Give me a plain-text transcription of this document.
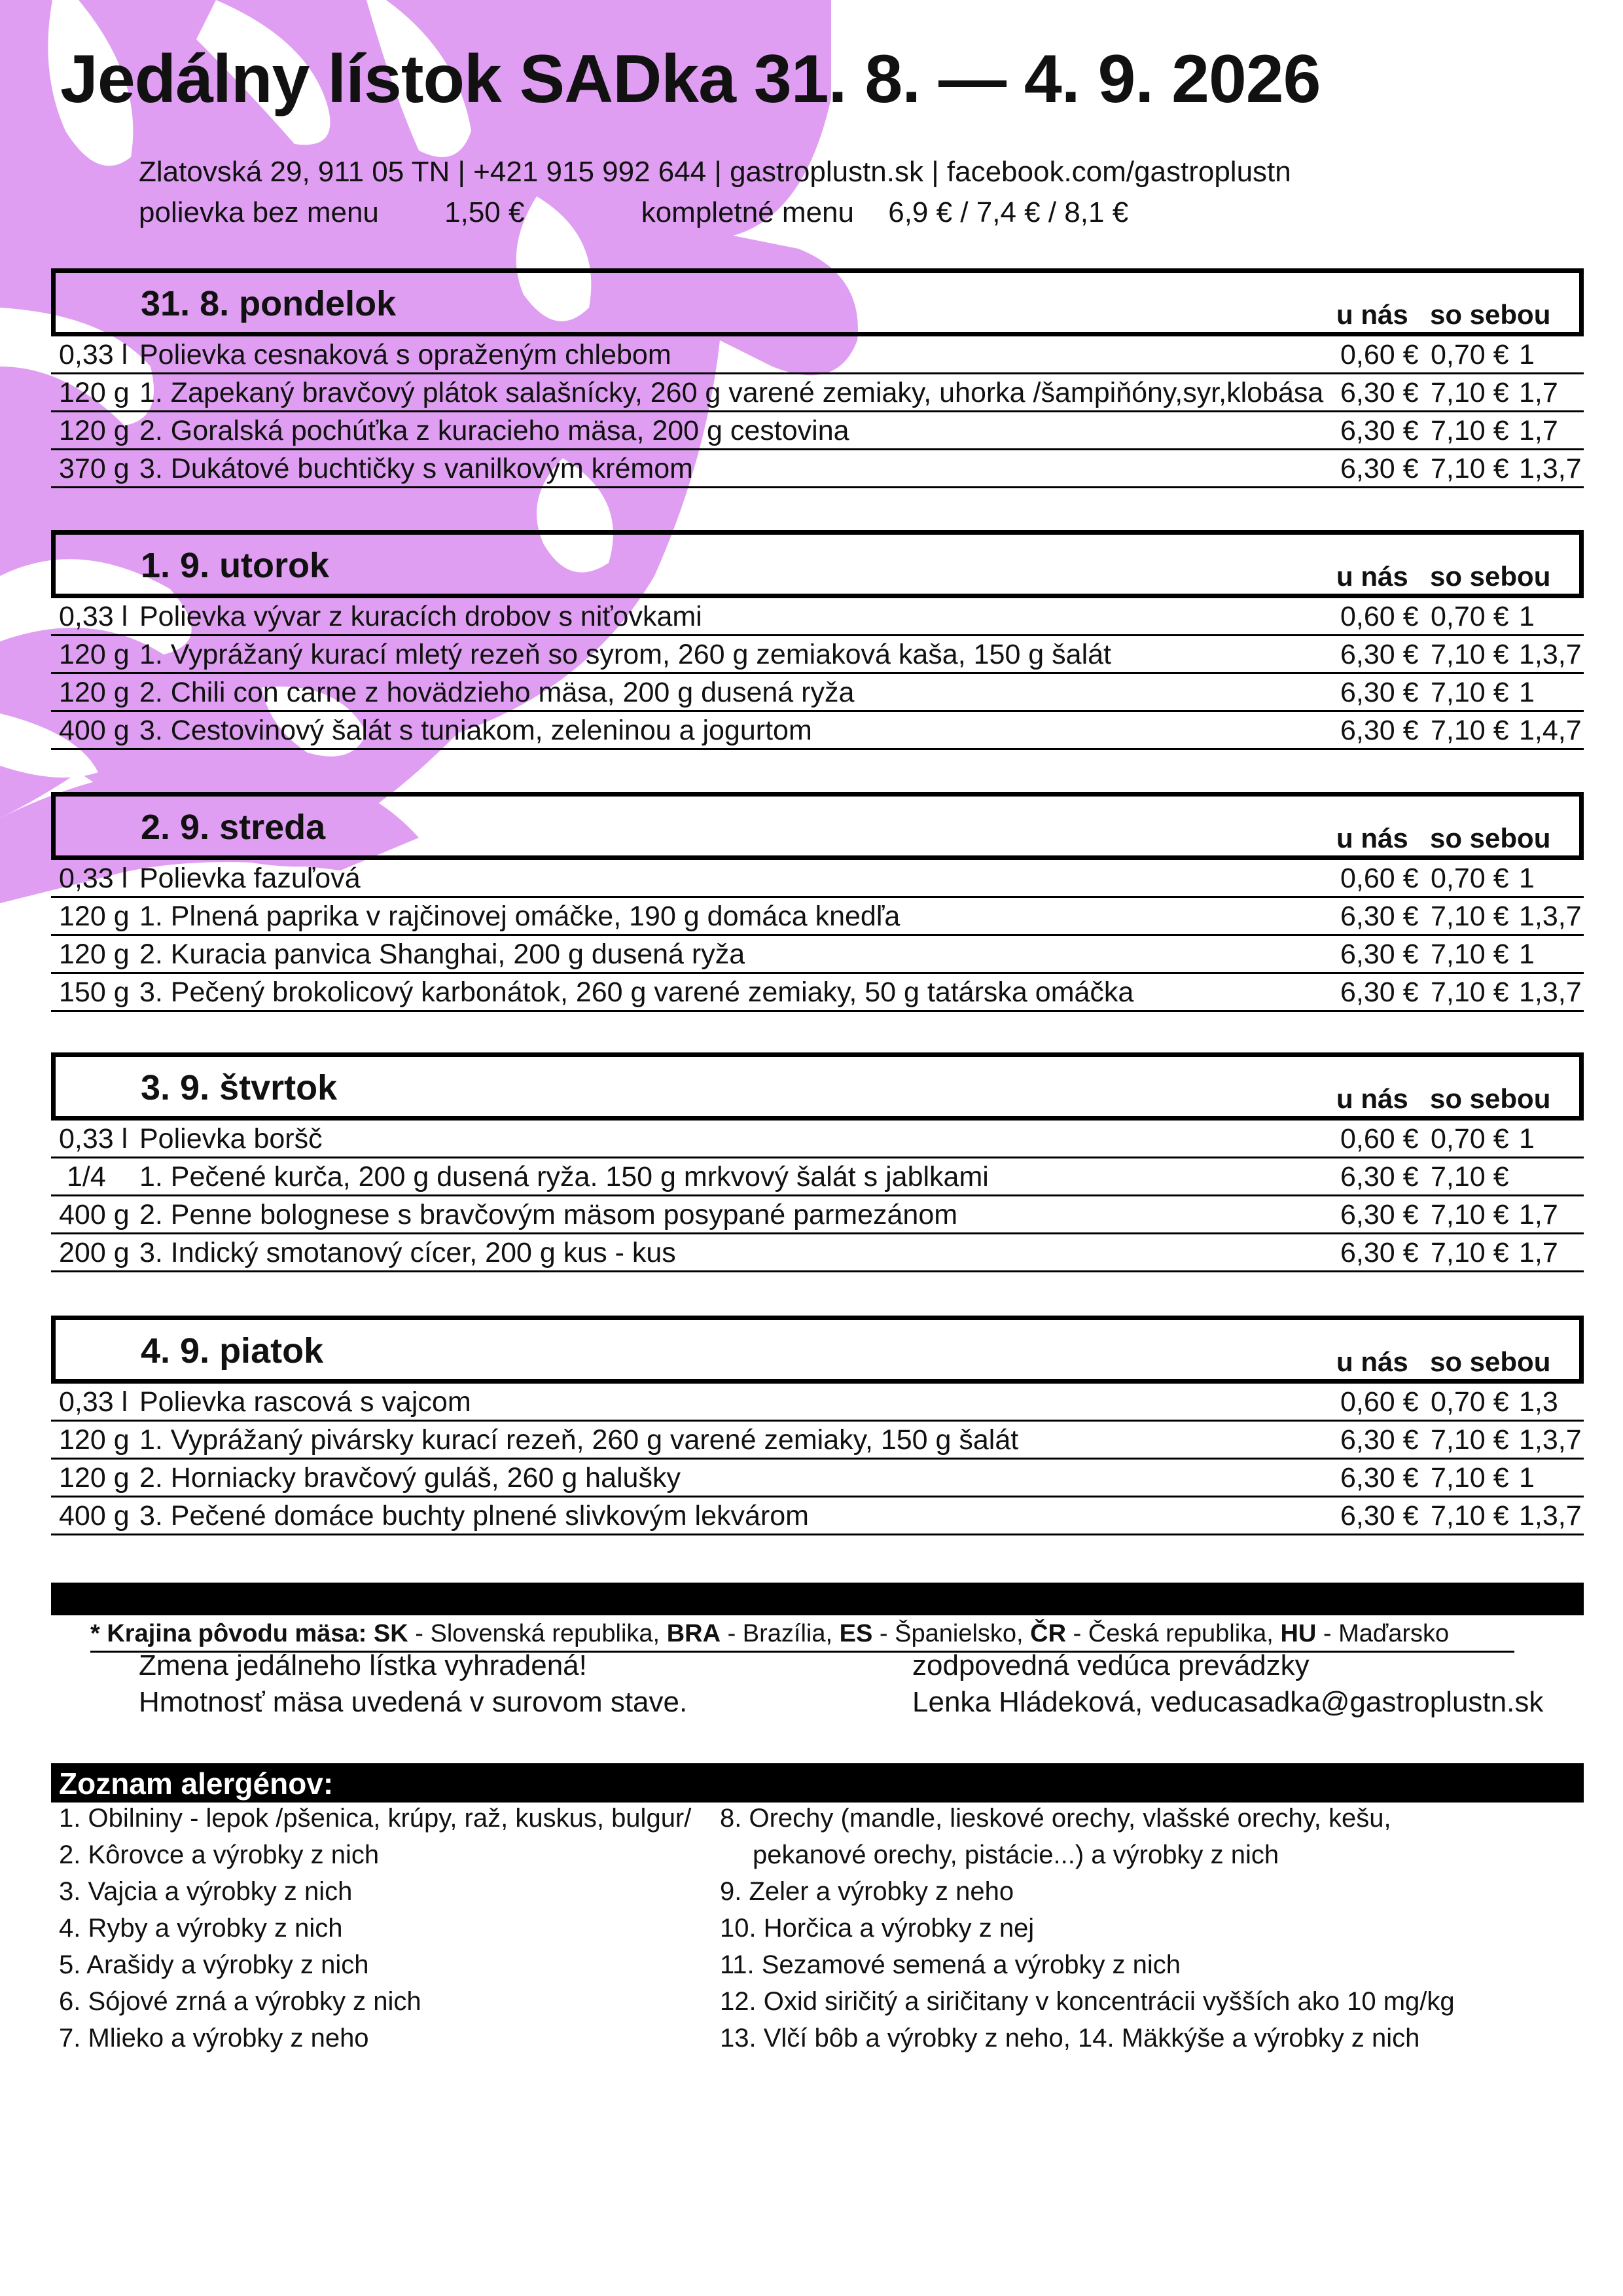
Jedálny lístok SADka 31. 8. — 4. 9. 2026
Zlatovská 29, 911 05 TN | +421 915 992 644 | gastroplustn.sk | facebook.com/gastroplustn
polievka bez menu 1,50 €	kompletné menu 6,9 € / 7,4 € / 8,1 €
31. 8. pondelok	u nás so sebou
0,33 l Polievka cesnaková s opraženým chlebom	0,60 € 0,70 € 1
120 g 1. Zapekaný bravčový plátok salašnícky, 260 g varené zemiaky, uhorka /šampiňóny,syr,klobása 6,30 € 7,10 € 1,7
120 g 2. Goralská pochúťka z kuracieho mäsa, 200 g cestovina	6,30 € 7,10 € 1,7
370 g 3. Dukátové buchtičky s vanilkovým krémom	6,30 € 7,10 € 1,3,7
1. 9. utorok	u nás so sebou
0,33 l Polievka vývar z kuracích drobov s niťovkami	0,60 € 0,70 € 1
120 g 1. Vyprážaný kurací mletý rezeň so syrom, 260 g zemiaková kaša, 150 g šalát	6,30 € 7,10 € 1,3,7
120 g 2. Chili con carne z hovädzieho mäsa, 200 g dusená ryža	6,30 € 7,10 € 1
400 g 3. Cestovinový šalát s tuniakom, zeleninou a jogurtom	6,30 € 7,10 € 1,4,7
2. 9. streda	u nás so sebou
0,33 l Polievka fazuľová	0,60 € 0,70 € 1
120 g 1. Plnená paprika v rajčinovej omáčke, 190 g domáca knedľa	6,30 € 7,10 € 1,3,7
120 g 2. Kuracia panvica Shanghai, 200 g dusená ryža	6,30 € 7,10 € 1
150 g 3. Pečený brokolicový karbonátok, 260 g varené zemiaky, 50 g tatárska omáčka	6,30 € 7,10 € 1,3,7
3. 9. štvrtok	u nás so sebou
0,33 l Polievka boršč	0,60 € 0,70 € 1
1/4 1. Pečené kurča, 200 g dusená ryža. 150 g mrkvový šalát s jablkami	6,30 € 7,10 €
400 g 2. Penne bolognese s bravčovým mäsom posypané parmezánom	6,30 € 7,10 € 1,7
200 g 3. Indický smotanový cícer, 200 g kus - kus	6,30 € 7,10 € 1,7
4. 9. piatok	u nás so sebou
0,33 l Polievka rascová s vajcom	0,60 € 0,70 € 1,3
120 g 1. Vyprážaný pivársky kurací rezeň, 260 g varené zemiaky, 150 g šalát	6,30 € 7,10 € 1,3,7
120 g 2. Horniacky bravčový guláš, 260 g halušky	6,30 € 7,10 € 1
400 g 3. Pečené domáce buchty plnené slivkovým lekvárom	6,30 € 7,10 € 1,3,7
* Krajina pôvodu mäsa: SK - Slovenská republika, BRA - Brazília, ES - Španielsko, ČR - Česká republika, HU - Maďarsko
Zmena jedálneho lístka vyhradená!
Hmotnosť mäsa uvedená v surovom stave.
zodpovedná vedúca prevádzky
Lenka Hládeková, veducasadka@gastroplustn.sk
Zoznam alergénov:
1. Obilniny - lepok /pšenica, krúpy, raž, kuskus, bulgur/
2. Kôrovce a výrobky z nich
3. Vajcia a výrobky z nich
4. Ryby a výrobky z nich
5. Arašidy a výrobky z nich
6. Sójové zrná a výrobky z nich
7. Mlieko a výrobky z neho
8. Orechy (mandle, lieskové orechy, vlašské orechy, kešu,
pekanové orechy, pistácie...) a výrobky z nich
9. Zeler a výrobky z neho
10. Horčica a výrobky z nej
11. Sezamové semená a výrobky z nich
12. Oxid siričitý a siričitany v koncentrácii vyšších ako 10 mg/kg
13. Vlčí bôb a výrobky z neho, 14. Mäkkýše a výrobky z nich
